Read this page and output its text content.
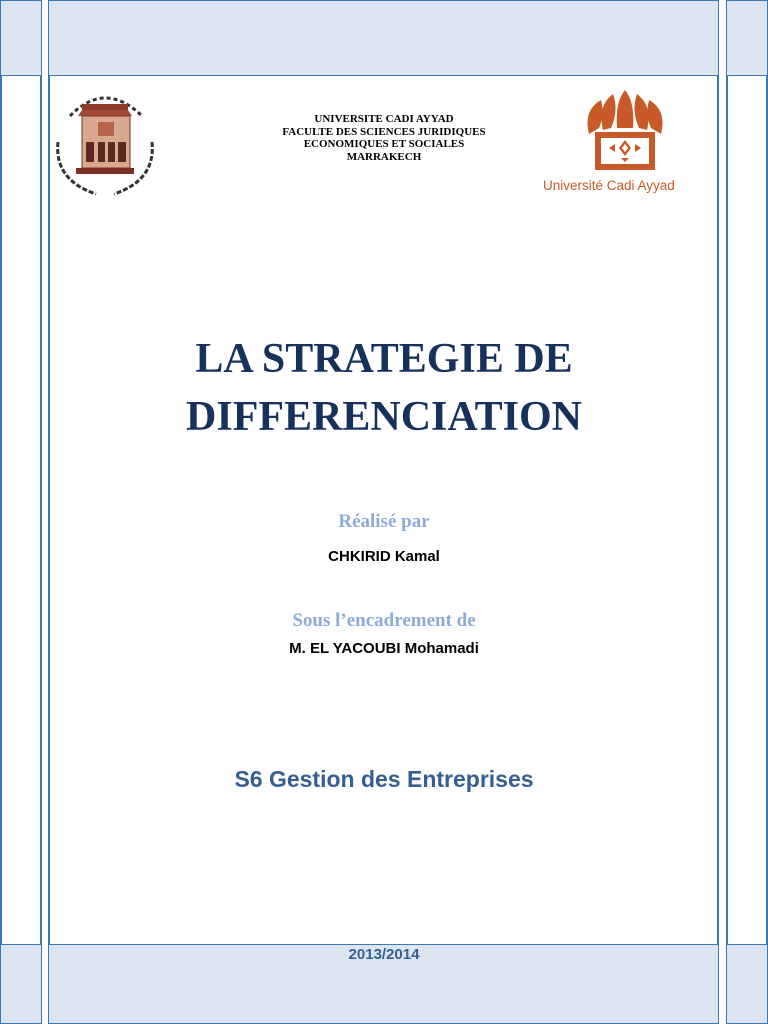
UNIVERSITE CADI AYYAD
FACULTE DES SCIENCES JURIDIQUES
ECONOMIQUES ET SOCIALES
MARRAKECH
Université Cadi Ayyad
LA STRATEGIE DE
DIFFERENCIATION
Réalisé par
CHKIRID Kamal
Sous l’encadrement de
M. EL YACOUBI Mohamadi
S6 Gestion des Entreprises
2013/2014
